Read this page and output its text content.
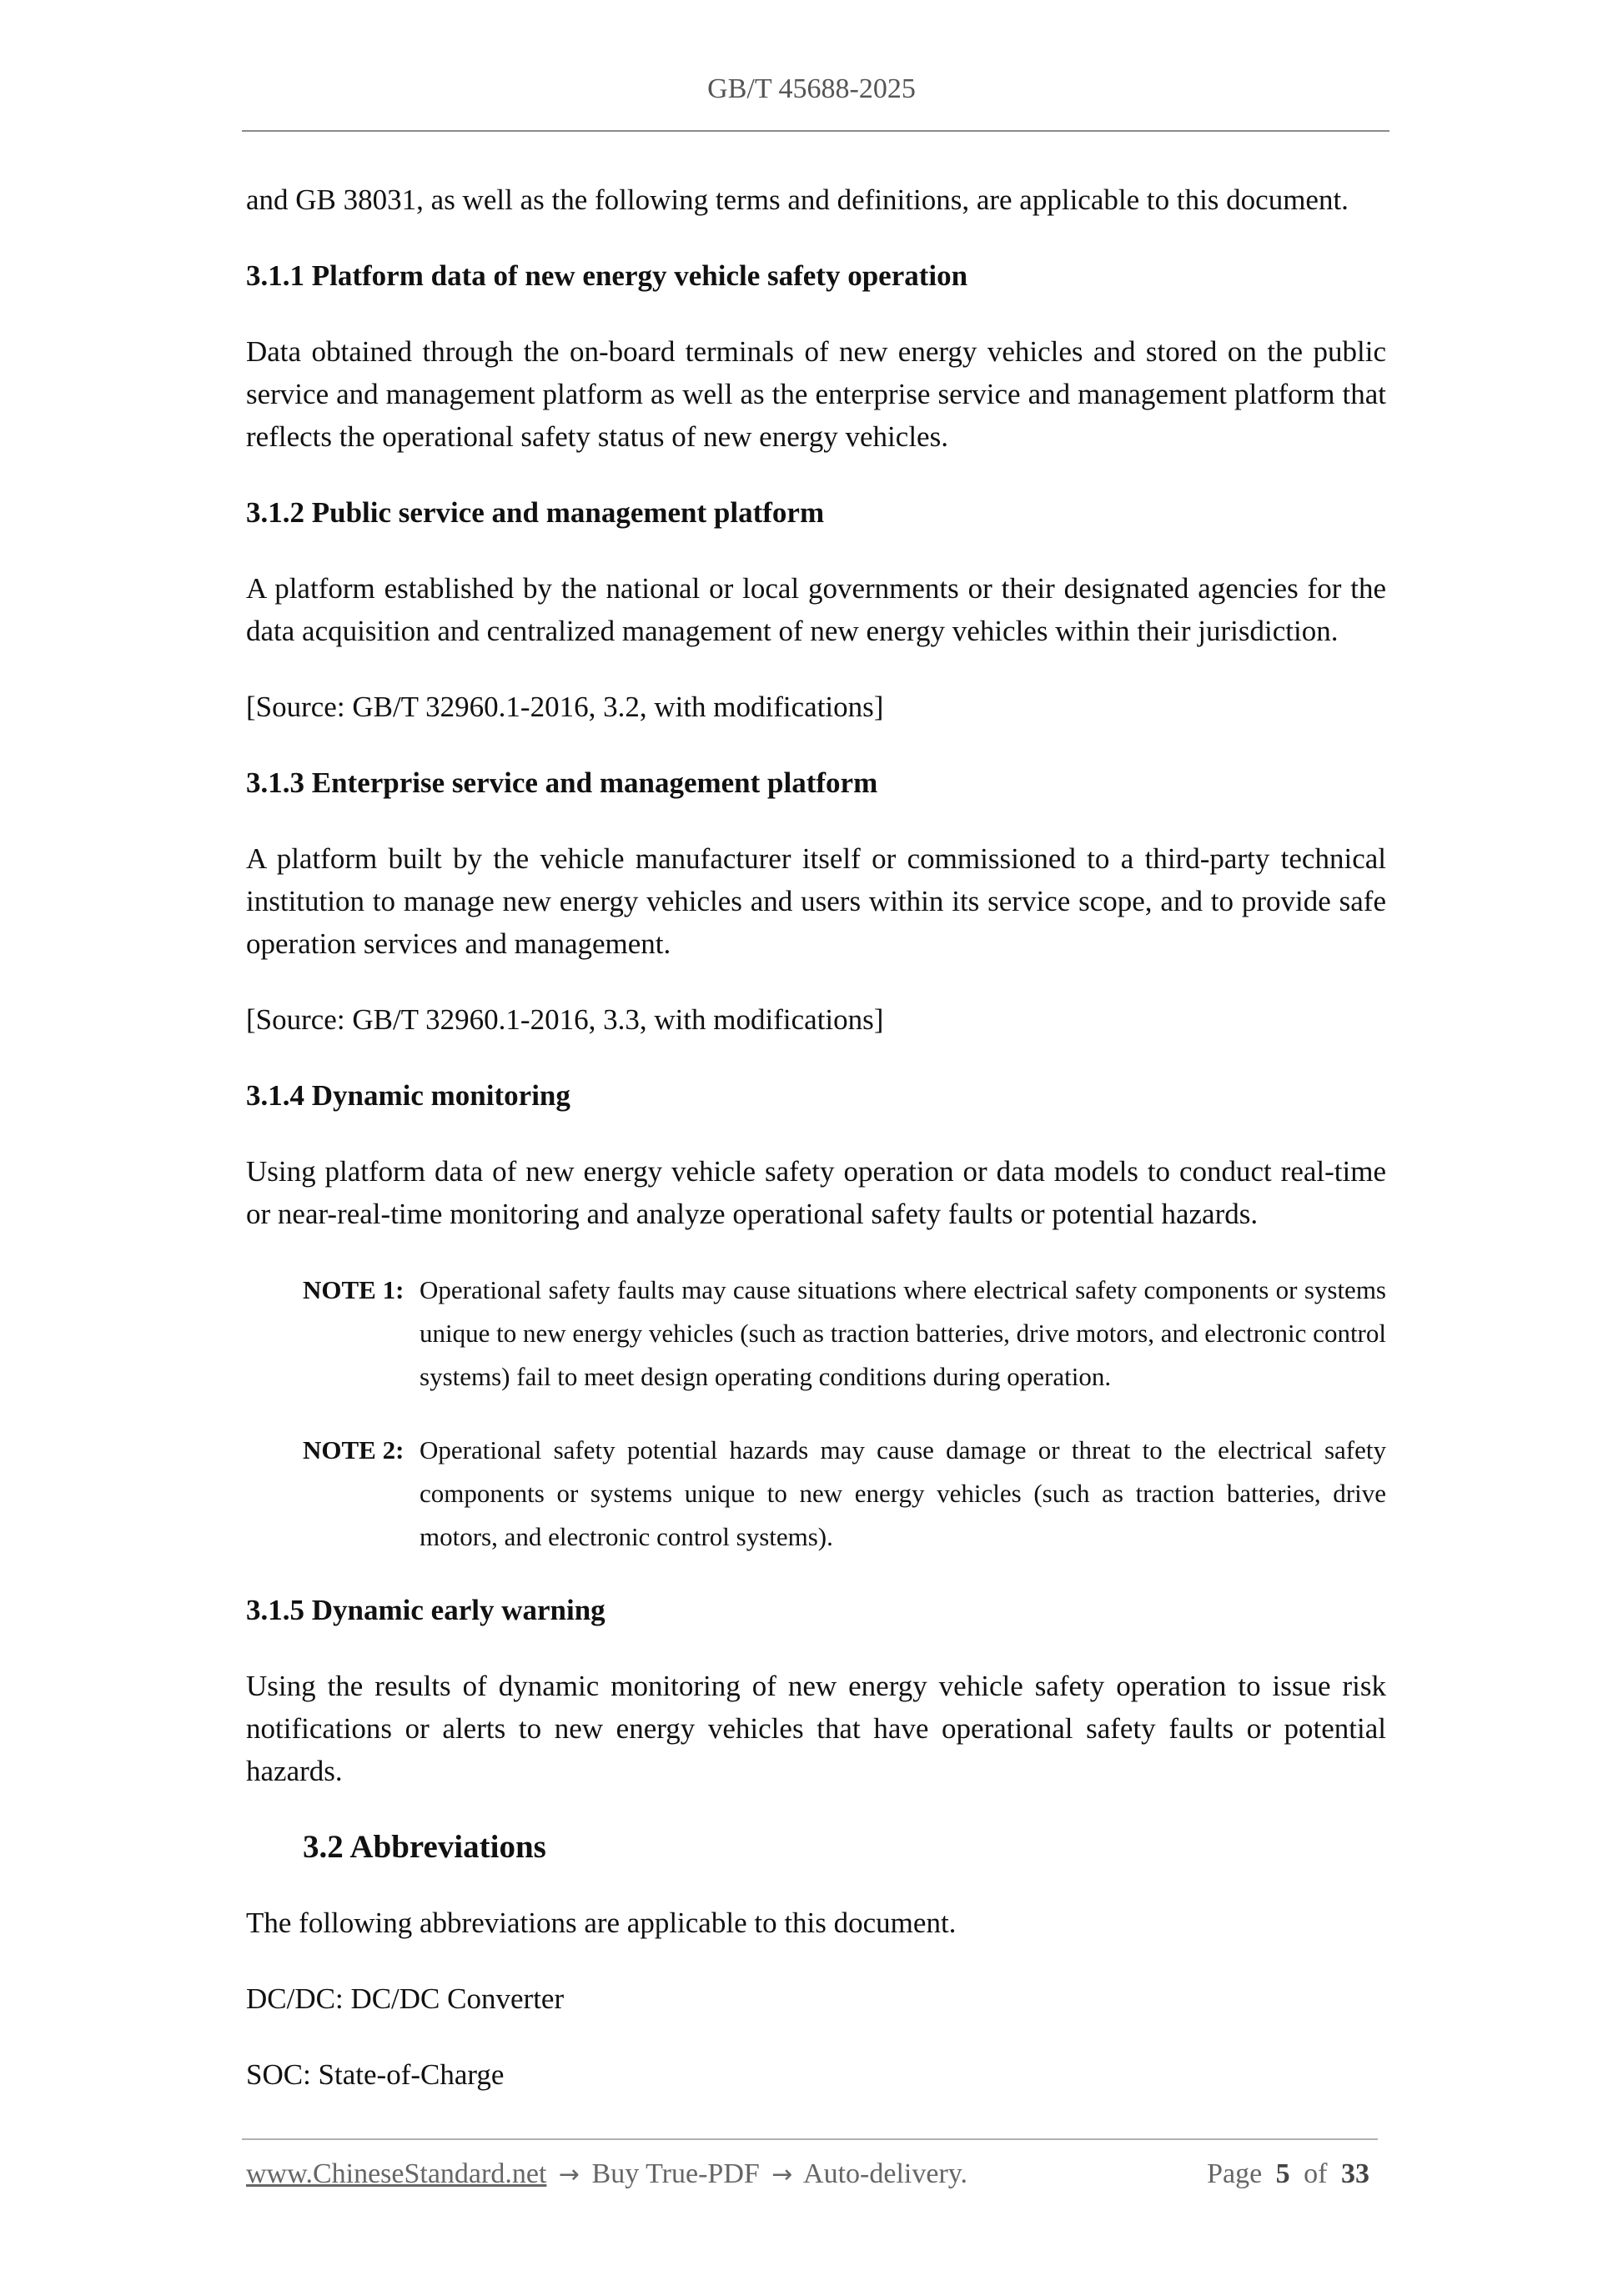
GB/T 45688-2025

and GB 38031, as well as the following terms and definitions, are applicable to this document.

3.1.1 Platform data of new energy vehicle safety operation

Data obtained through the on-board terminals of new energy vehicles and stored on the public service and management platform as well as the enterprise service and management platform that reflects the operational safety status of new energy vehicles.

3.1.2 Public service and management platform

A platform established by the national or local governments or their designated agencies for the data acquisition and centralized management of new energy vehicles within their jurisdiction.

[Source: GB/T 32960.1-2016, 3.2, with modifications]

3.1.3 Enterprise service and management platform

A platform built by the vehicle manufacturer itself or commissioned to a third-party technical institution to manage new energy vehicles and users within its service scope, and to provide safe operation services and management.

[Source: GB/T 32960.1-2016, 3.3, with modifications]

3.1.4 Dynamic monitoring

Using platform data of new energy vehicle safety operation or data models to conduct real-time or near-real-time monitoring and analyze operational safety faults or potential hazards.

NOTE 1: Operational safety faults may cause situations where electrical safety components or systems unique to new energy vehicles (such as traction batteries, drive motors, and electronic control systems) fail to meet design operating conditions during operation.
NOTE 2: Operational safety potential hazards may cause damage or threat to the electrical safety components or systems unique to new energy vehicles (such as traction batteries, drive motors, and electronic control systems).

3.1.5 Dynamic early warning

Using the results of dynamic monitoring of new energy vehicle safety operation to issue risk notifications or alerts to new energy vehicles that have operational safety faults or potential hazards.

3.2 Abbreviations

The following abbreviations are applicable to this document.

DC/DC: DC/DC Converter

SOC: State-of-Charge

www.ChineseStandard.net → Buy True-PDF → Auto-delivery.	Page 5 of 33
